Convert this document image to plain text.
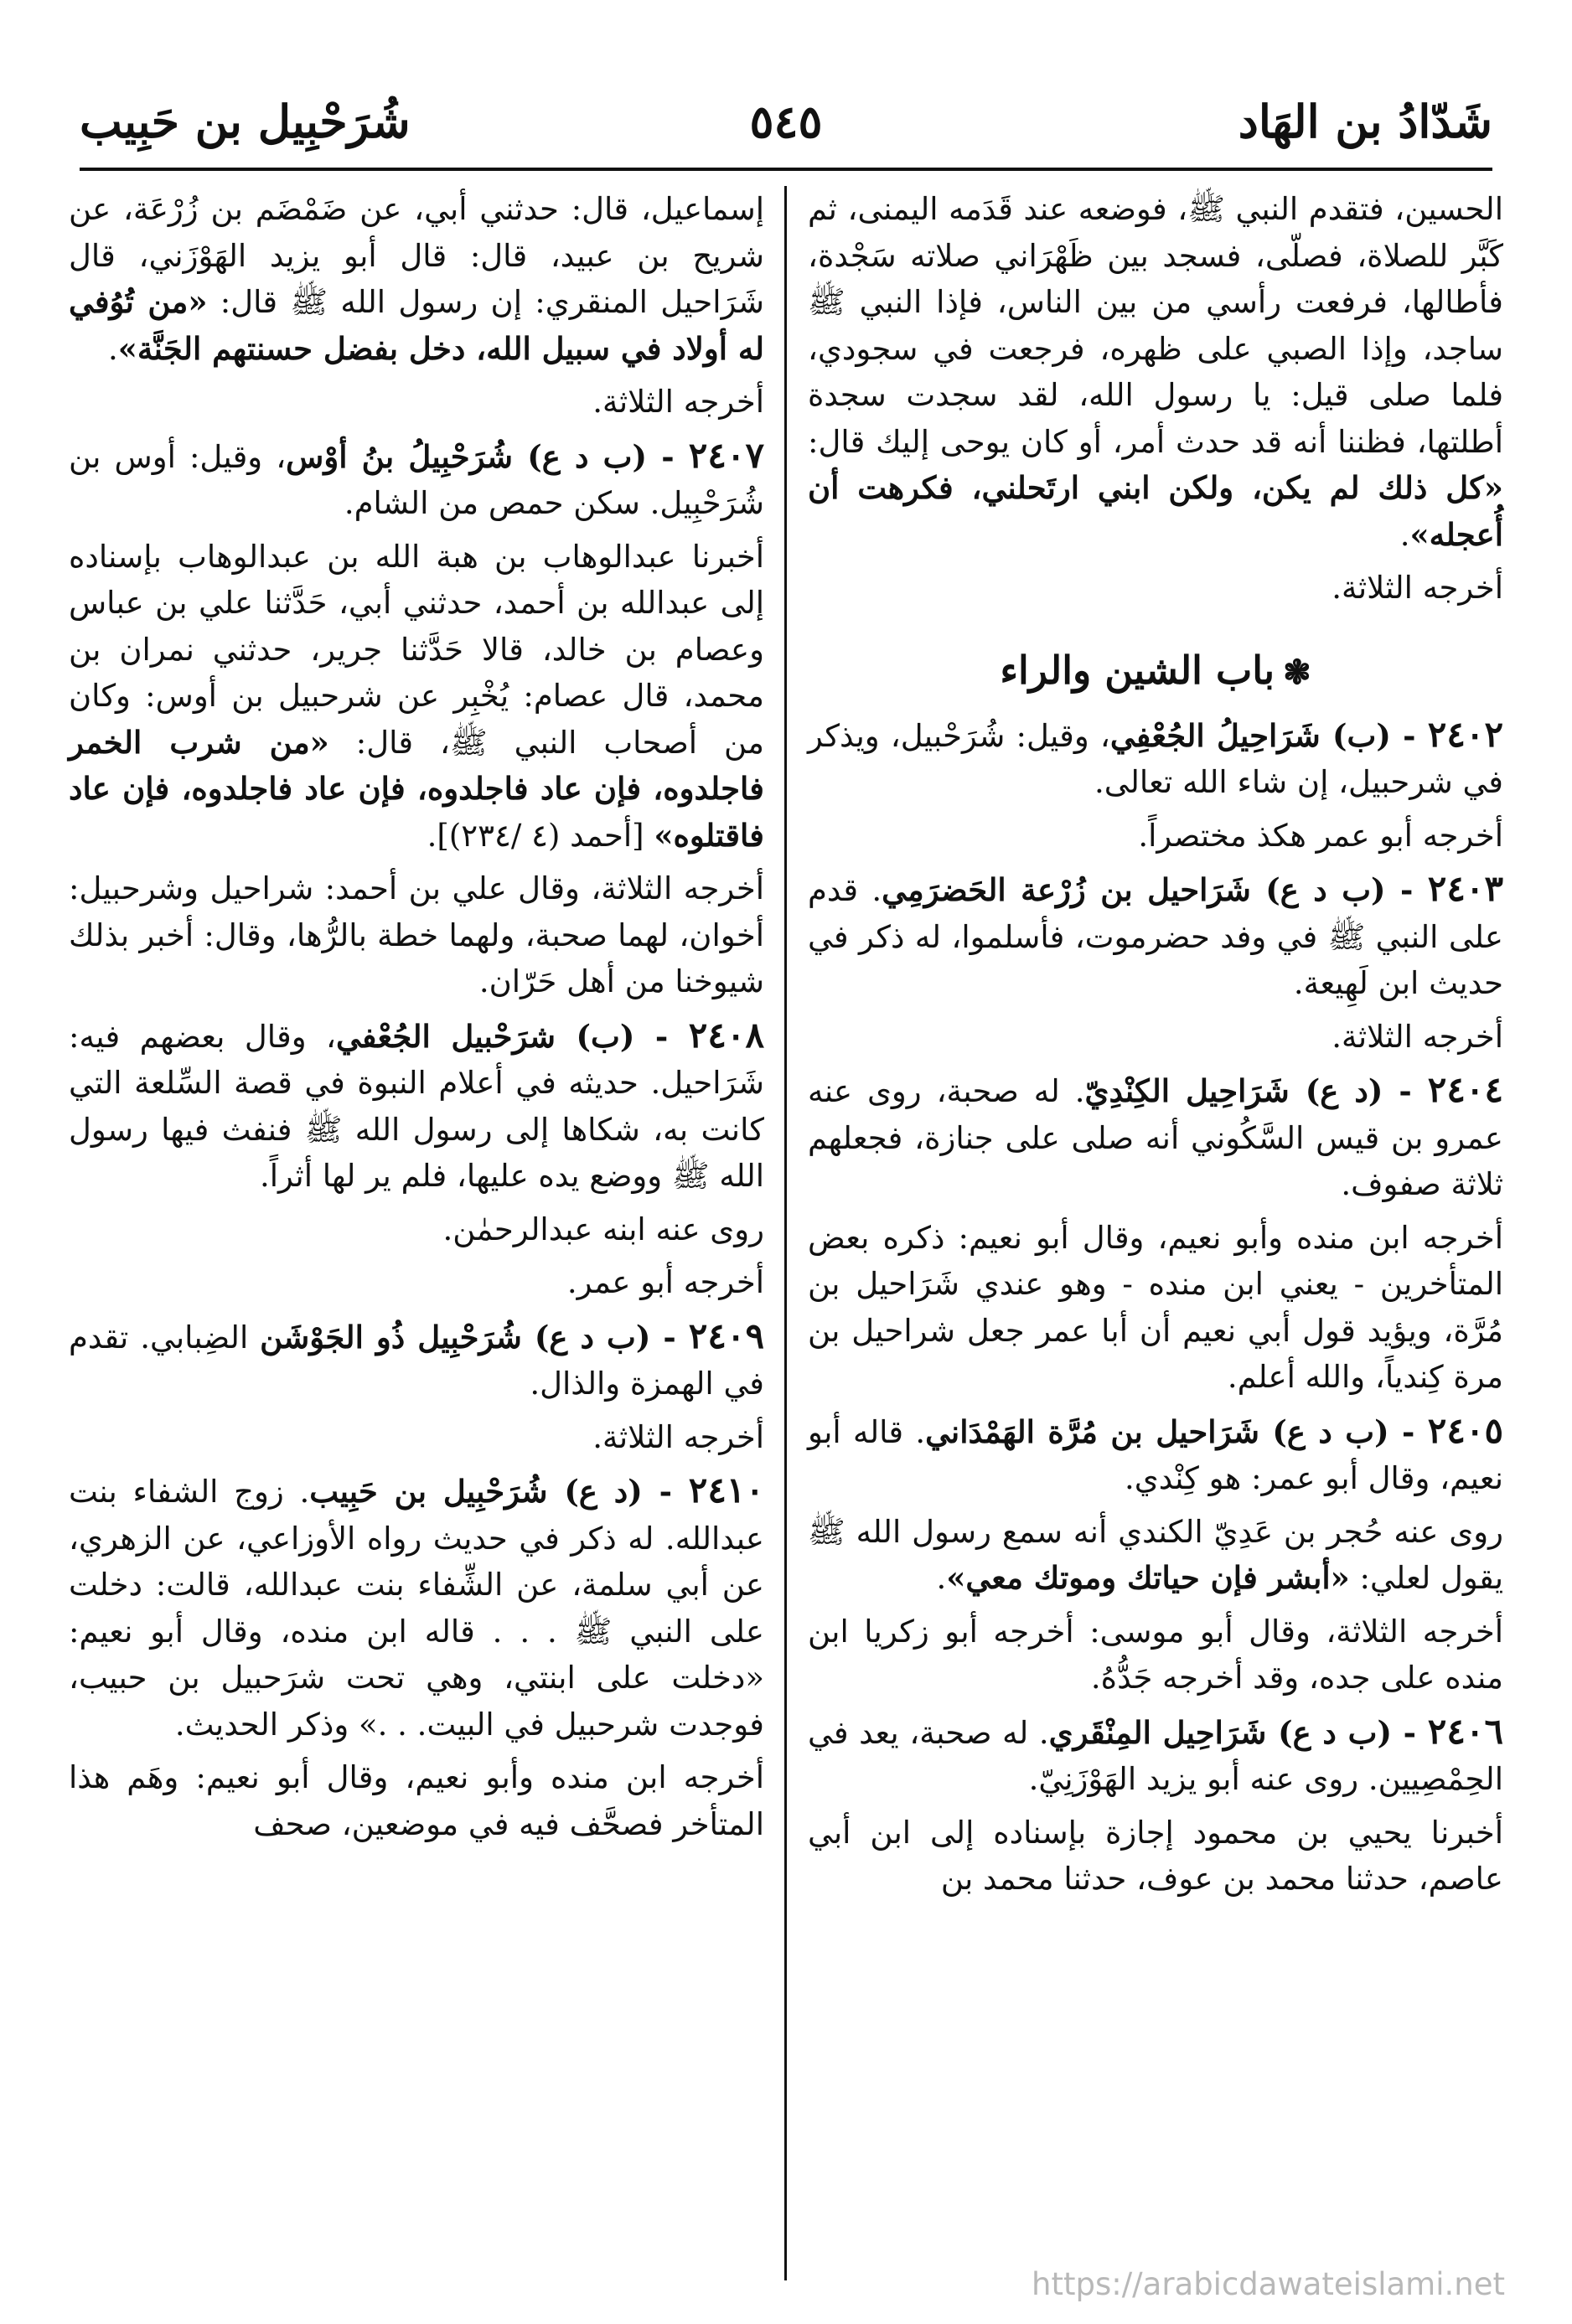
شَدّادُ بن الهَاد
٥٤٥
شُرَحْبِيل بن حَبِيب

الحسين، فتقدم النبي ﷺ، فوضعه عند قَدَمه اليمنى، ثم كَبَّر للصلاة، فصلّى، فسجد بين ظَهْرَاني صلاته سَجْدة، فأطالها، فرفعت رأسي من بين الناس، فإذا النبي ﷺ ساجد، وإذا الصبي على ظهره، فرجعت في سجودي، فلما صلى قيل: يا رسول الله، لقد سجدت سجدة أطلتها، فظننا أنه قد حدث أمر، أو كان يوحى إليك قال: «كل ذلك لم يكن، ولكن ابني ارتَحلني، فكرهت أن أُعجله».

أخرجه الثلاثة.

❃باب الشين والراء

٢٤٠٢ - (ب) شَرَاحِيلُ الجُعْفِي، وقيل: شُرَحْبيل، ويذكر في شرحبيل، إن شاء الله تعالى.

أخرجه أبو عمر هكذ مختصراً.

٢٤٠٣ - (ب د ع) شَرَاحيل بن زُرْعة الحَضرَمِي. قدم على النبي ﷺ في وفد حضرموت، فأسلموا، له ذكر في حديث ابن لَهِيعة.

أخرجه الثلاثة.

٢٤٠٤ - (د ع) شَرَاحِيل الكِنْدِيّ. له صحبة، روى عنه عمرو بن قيس السَّكُوني أنه صلى على جنازة، فجعلهم ثلاثة صفوف.

أخرجه ابن منده وأبو نعيم، وقال أبو نعيم: ذكره بعض المتأخرين - يعني ابن منده - وهو عندي شَرَاحيل بن مُرَّة، ويؤيد قول أبي نعيم أن أبا عمر جعل شراحيل بن مرة كِندياً، والله أعلم.

٢٤٠٥ - (ب د ع) شَرَاحيل بن مُرَّة الهَمْدَاني. قاله أبو نعيم، وقال أبو عمر: هو كِنْدي.

روى عنه حُجر بن عَدِيّ الكندي أنه سمع رسول الله ﷺ يقول لعلي: «أبشر فإن حياتك وموتك معي».

أخرجه الثلاثة، وقال أبو موسى: أخرجه أبو زكريا ابن منده على جده، وقد أخرجه جَدُّهُ.

٢٤٠٦ - (ب د ع) شَرَاحِيل المِنْقَري. له صحبة، يعد في الحِمْصِيين. روى عنه أبو يزيد الهَوْزَنِيّ.

أخبرنا يحيي بن محمود إجازة بإسناده إلى ابن أبي عاصم، حدثنا محمد بن عوف، حدثنا محمد بن

إسماعيل، قال: حدثني أبي، عن ضَمْضَم بن زُرْعَة، عن شريح بن عبيد، قال: قال أبو يزيد الهَوْزَني، قال شَرَاحيل المنقري: إن رسول الله ﷺ قال: «من تُوُفي له أولاد في سبيل الله، دخل بفضل حسنتهم الجَنَّة».

أخرجه الثلاثة.

٢٤٠٧ - (ب د ع) شُرَحْبِيلُ بنُ أوْس، وقيل: أوس بن شُرَحْبِيل. سكن حمص من الشام.

أخبرنا عبدالوهاب بن هبة الله بن عبدالوهاب بإسناده إلى عبدالله بن أحمد، حدثني أبي، حَدَّثنا علي بن عباس وعصام بن خالد، قالا حَدَّثنا جرير، حدثني نمران بن محمد، قال عصام: يُخْبِر عن شرحبيل بن أوس: وكان من أصحاب النبي ﷺ، قال: «من شرب الخمر فاجلدوه، فإن عاد فاجلدوه، فإن عاد فاجلدوه، فإن عاد فاقتلوه» [أحمد (٤ /٢٣٤)].

أخرجه الثلاثة، وقال علي بن أحمد: شراحيل وشرحبيل: أخوان، لهما صحبة، ولهما خطة بالرُّها، وقال: أخبر بذلك شيوخنا من أهل حَرّان.

٢٤٠٨ - (ب) شرَحْبيل الجُعْفي، وقال بعضهم فيه: شَرَاحيل. حديثه في أعلام النبوة في قصة السِّلعة التي كانت به، شكاها إلى رسول الله ﷺ فنفث فيها رسول الله ﷺ ووضع يده عليها، فلم ير لها أثراً.

روى عنه ابنه عبدالرحمٰن.

أخرجه أبو عمر.

٢٤٠٩ - (ب د ع) شُرَحْبِيل ذُو الجَوْشَن الضِبابي. تقدم في الهمزة والذال.

أخرجه الثلاثة.

٢٤١٠ - (د ع) شُرَحْبِيل بن حَبِيب. زوج الشفاء بنت عبدالله. له ذكر في حديث رواه الأوزاعي، عن الزهري، عن أبي سلمة، عن الشِّفاء بنت عبدالله، قالت: دخلت على النبي ﷺ . . . قاله ابن منده، وقال أبو نعيم: «دخلت على ابنتي، وهي تحت شرَحبيل بن حبيب، فوجدت شرحبيل في البيت. . .» وذكر الحديث.

أخرجه ابن منده وأبو نعيم، وقال أبو نعيم: وهَم هذا المتأخر فصحَّف فيه في موضعين، صحف

https://arabicdawateislami.net
